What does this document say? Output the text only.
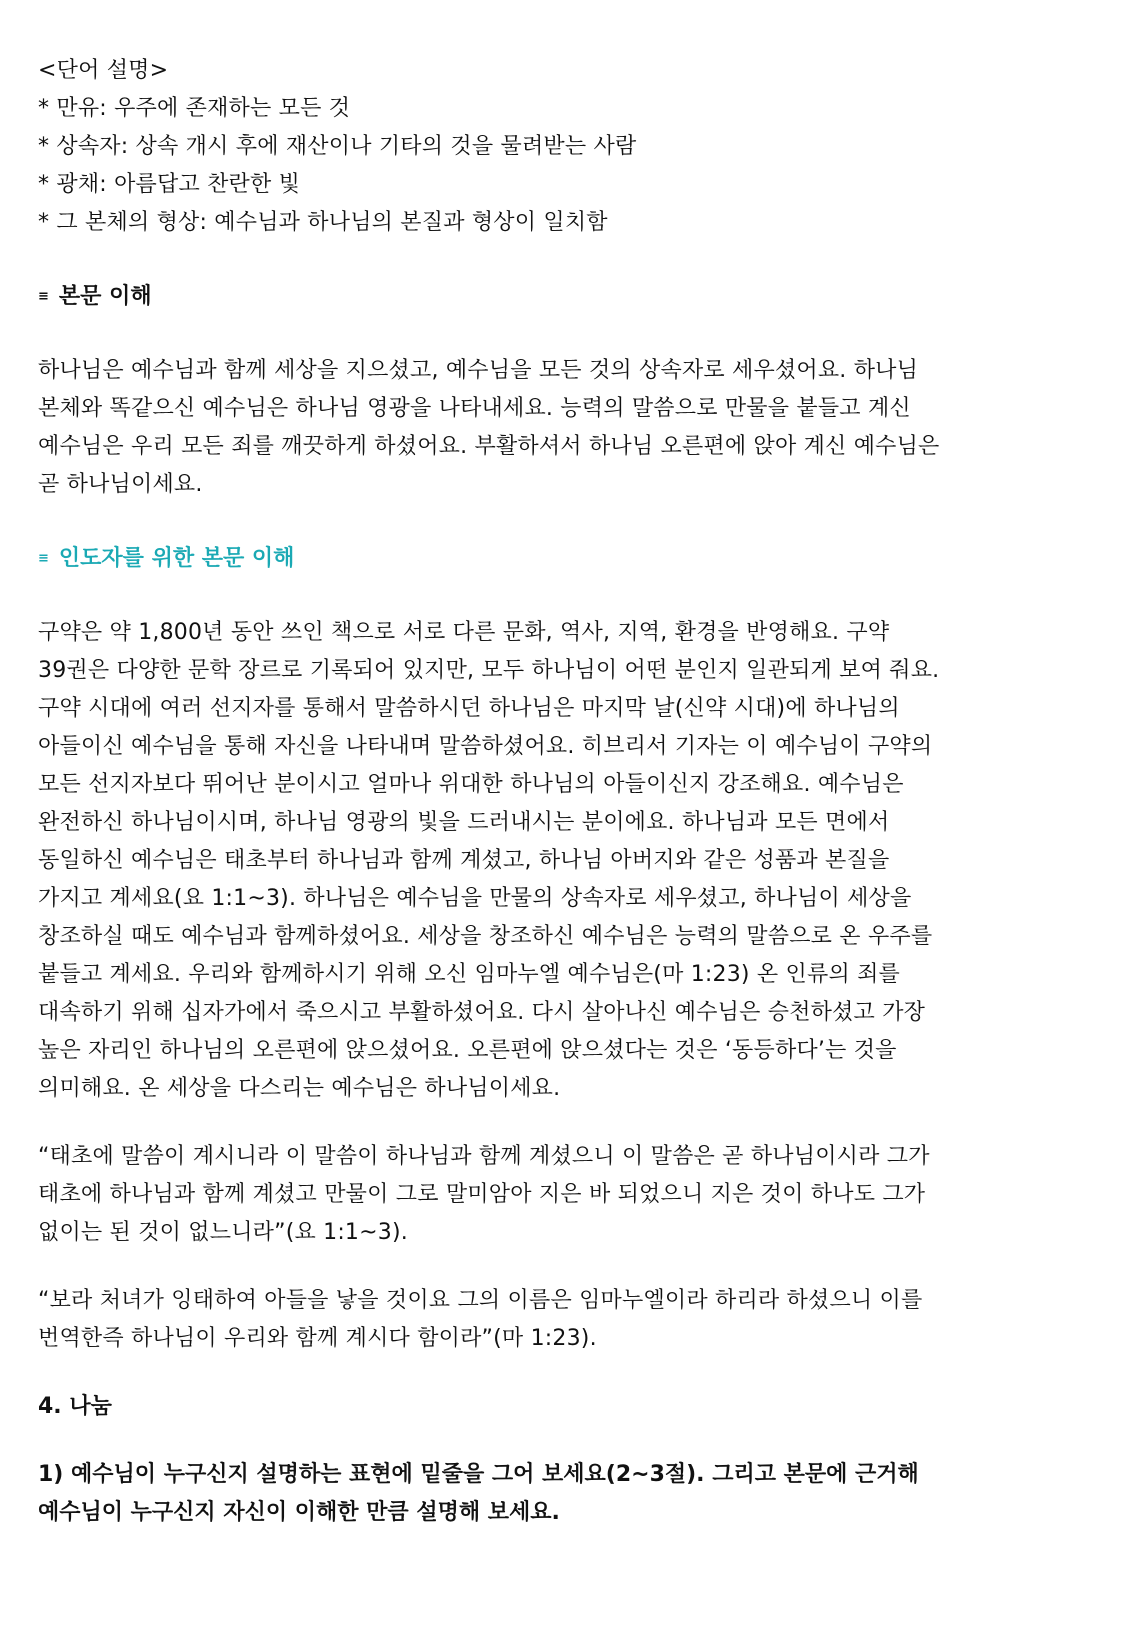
<단어 설명>
* 만유: 우주에 존재하는 모든 것
* 상속자: 상속 개시 후에 재산이나 기타의 것을 물려받는 사람
* 광채: 아름답고 찬란한 빛
* 그 본체의 형상: 예수님과 하나님의 본질과 형상이 일치함
≡ 본문 이해
하나님은 예수님과 함께 세상을 지으셨고, 예수님을 모든 것의 상속자로 세우셨어요. 하나님
본체와 똑같으신 예수님은 하나님 영광을 나타내세요. 능력의 말씀으로 만물을 붙들고 계신
예수님은 우리 모든 죄를 깨끗하게 하셨어요. 부활하셔서 하나님 오른편에 앉아 계신 예수님은
곧 하나님이세요.
≡ 인도자를 위한 본문 이해
구약은 약 1,800년 동안 쓰인 책으로 서로 다른 문화, 역사, 지역, 환경을 반영해요. 구약
39권은 다양한 문학 장르로 기록되어 있지만, 모두 하나님이 어떤 분인지 일관되게 보여 줘요.
구약 시대에 여러 선지자를 통해서 말씀하시던 하나님은 마지막 날(신약 시대)에 하나님의
아들이신 예수님을 통해 자신을 나타내며 말씀하셨어요. 히브리서 기자는 이 예수님이 구약의
모든 선지자보다 뛰어난 분이시고 얼마나 위대한 하나님의 아들이신지 강조해요. 예수님은
완전하신 하나님이시며, 하나님 영광의 빛을 드러내시는 분이에요. 하나님과 모든 면에서
동일하신 예수님은 태초부터 하나님과 함께 계셨고, 하나님 아버지와 같은 성품과 본질을
가지고 계세요(요 1:1~3). 하나님은 예수님을 만물의 상속자로 세우셨고, 하나님이 세상을
창조하실 때도 예수님과 함께하셨어요. 세상을 창조하신 예수님은 능력의 말씀으로 온 우주를
붙들고 계세요. 우리와 함께하시기 위해 오신 임마누엘 예수님은(마 1:23) 온 인류의 죄를
대속하기 위해 십자가에서 죽으시고 부활하셨어요. 다시 살아나신 예수님은 승천하셨고 가장
높은 자리인 하나님의 오른편에 앉으셨어요. 오른편에 앉으셨다는 것은 ‘동등하다’는 것을
의미해요. 온 세상을 다스리는 예수님은 하나님이세요.
“태초에 말씀이 계시니라 이 말씀이 하나님과 함께 계셨으니 이 말씀은 곧 하나님이시라 그가
태초에 하나님과 함께 계셨고 만물이 그로 말미암아 지은 바 되었으니 지은 것이 하나도 그가
없이는 된 것이 없느니라”(요 1:1~3).
“보라 처녀가 잉태하여 아들을 낳을 것이요 그의 이름은 임마누엘이라 하리라 하셨으니 이를
번역한즉 하나님이 우리와 함께 계시다 함이라”(마 1:23).
4. 나눔
1) 예수님이 누구신지 설명하는 표현에 밑줄을 그어 보세요(2~3절). 그리고 본문에 근거해
예수님이 누구신지 자신이 이해한 만큼 설명해 보세요.
